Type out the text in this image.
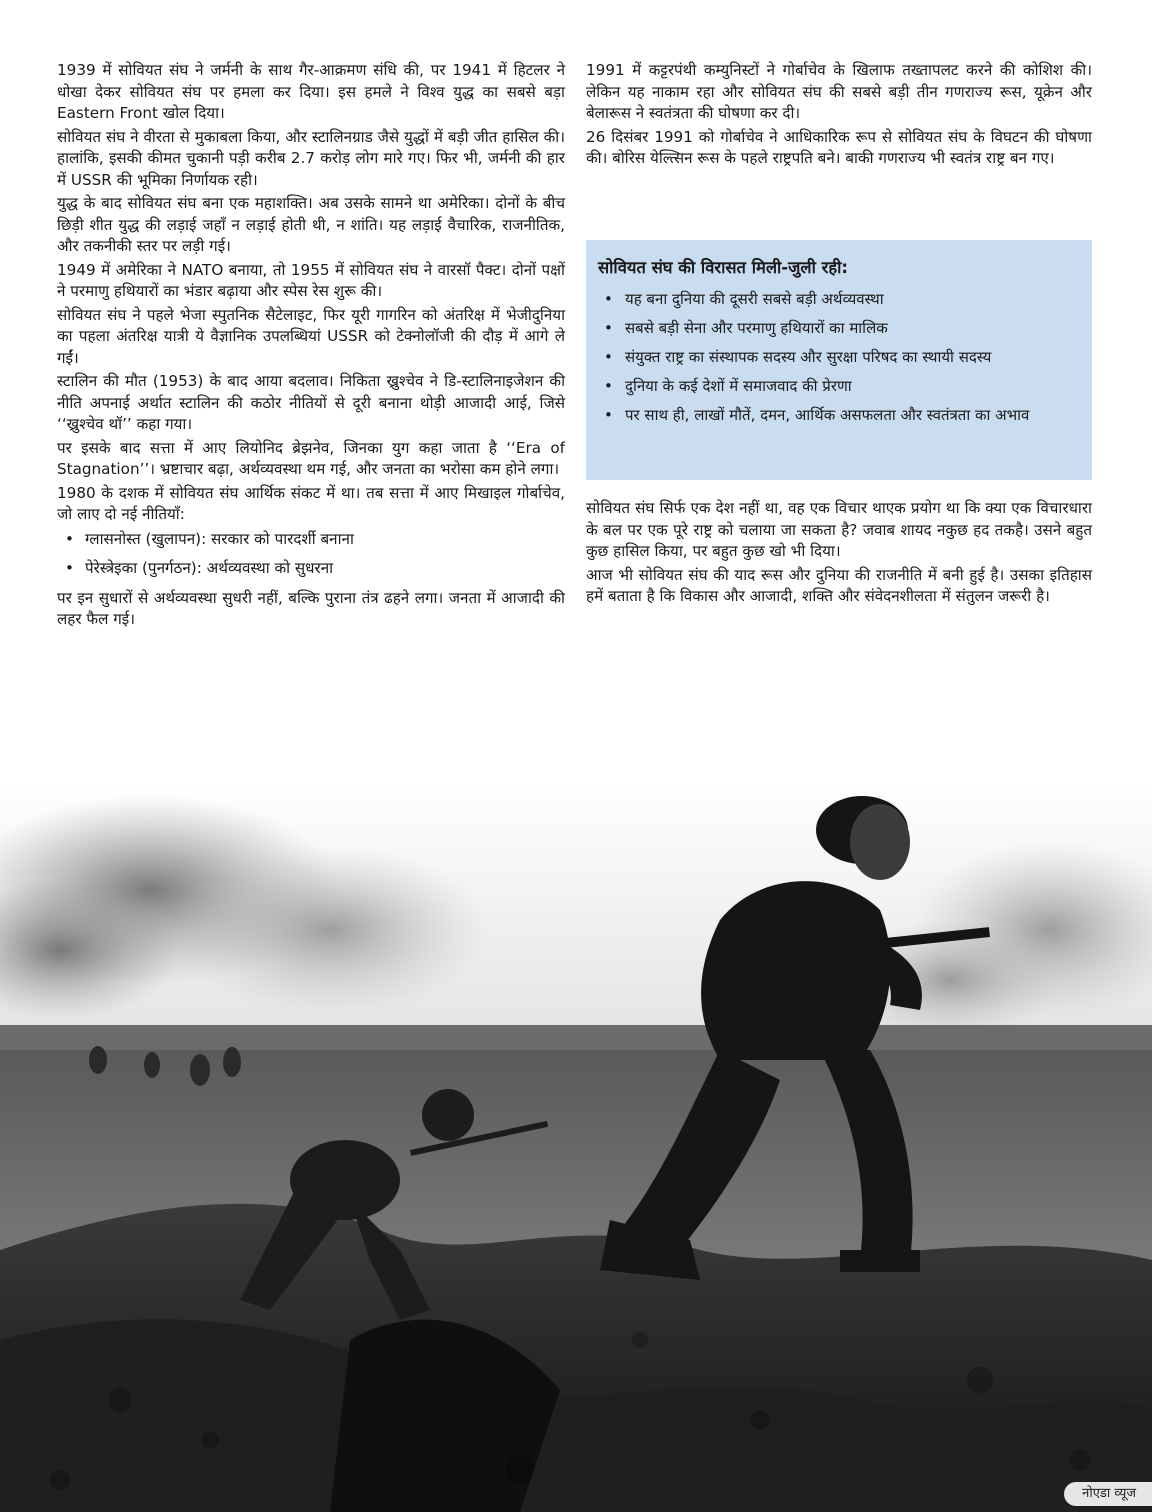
1939 में सोवियत संघ ने जर्मनी के साथ गैर-आक्रमण संधि की, पर 1941 में हिटलर ने धोखा देकर सोवियत संघ पर हमला कर दिया। इस हमले ने विश्व युद्ध का सबसे बड़ा Eastern Front खोल दिया।

सोवियत संघ ने वीरता से मुकाबला किया, और स्टालिनग्राड जैसे युद्धों में बड़ी जीत हासिल की। हालांकि, इसकी कीमत चुकानी पड़ी करीब 2.7 करोड़ लोग मारे गए। फिर भी, जर्मनी की हार में USSR की भूमिका निर्णायक रही।

युद्ध के बाद सोवियत संघ बना एक महाशक्ति। अब उसके सामने था अमेरिका। दोनों के बीच छिड़ी शीत युद्ध की लड़ाई जहाँ न लड़ाई होती थी, न शांति। यह लड़ाई वैचारिक, राजनीतिक, और तकनीकी स्तर पर लड़ी गई।

1949 में अमेरिका ने NATO बनाया, तो 1955 में सोवियत संघ ने वारसॉ पैक्ट। दोनों पक्षों ने परमाणु हथियारों का भंडार बढ़ाया और स्पेस रेस शुरू की।

सोवियत संघ ने पहले भेजा स्पुतनिक सैटेलाइट, फिर यूरी गागरिन को अंतरिक्ष में भेजीदुनिया का पहला अंतरिक्ष यात्री ये वैज्ञानिक उपलब्धियां USSR को टेक्नोलॉजी की दौड़ में आगे ले गईं।

स्टालिन की मौत (1953) के बाद आया बदलाव। निकिता ख्रुश्चेव ने डि-स्टालिनाइजेशन की नीति अपनाई अर्थात स्टालिन की कठोर नीतियों से दूरी बनाना थोड़ी आजादी आई, जिसे ‘‘ख्रुश्चेव थॉ’’ कहा गया।

पर इसके बाद सत्ता में आए लियोनिद ब्रेझनेव, जिनका युग कहा जाता है ‘‘Era of Stagnation’’। भ्रष्टाचार बढ़ा, अर्थव्यवस्था थम गई, और जनता का भरोसा कम होने लगा।

1980 के दशक में सोवियत संघ आर्थिक संकट में था। तब सत्ता में आए मिखाइल गोर्बाचेव, जो लाए दो नई नीतियाँ:

• ग्लासनोस्त (खुलापन): सरकार को पारदर्शी बनाना
• पेरेस्त्रेइका (पुनर्गठन): अर्थव्यवस्था को सुधरना

पर इन सुधारों से अर्थव्यवस्था सुधरी नहीं, बल्कि पुराना तंत्र ढहने लगा। जनता में आजादी की लहर फैल गई।

1991 में कट्टरपंथी कम्युनिस्टों ने गोर्बाचेव के खिलाफ तख्तापलट करने की कोशिश की। लेकिन यह नाकाम रहा और सोवियत संघ की सबसे बड़ी तीन गणराज्य रूस, यूक्रेन और बेलारूस ने स्वतंत्रता की घोषणा कर दी।

26 दिसंबर 1991 को गोर्बाचेव ने आधिकारिक रूप से सोवियत संघ के विघटन की घोषणा की। बोरिस येल्त्सिन रूस के पहले राष्ट्रपति बने। बाकी गणराज्य भी स्वतंत्र राष्ट्र बन गए।

सोवियत संघ सिर्फ एक देश नहीं था, वह एक विचार थाएक प्रयोग था कि क्या एक विचारधारा के बल पर एक पूरे राष्ट्र को चलाया जा सकता है? जवाब शायद नकुछ हद तकहै। उसने बहुत कुछ हासिल किया, पर बहुत कुछ खो भी दिया।

आज भी सोवियत संघ की याद रूस और दुनिया की राजनीति में बनी हुई है। उसका इतिहास हमें बताता है कि विकास और आजादी, शक्ति और संवेदनशीलता में संतुलन जरूरी है।

सोवियत संघ की विरासत मिली-जुली रही:
• यह बना दुनिया की दूसरी सबसे बड़ी अर्थव्यवस्था
• सबसे बड़ी सेना और परमाणु हथियारों का मालिक
• संयुक्त राष्ट्र का संस्थापक सदस्य और सुरक्षा परिषद का स्थायी सदस्य
• दुनिया के कई देशों में समाजवाद की प्रेरणा
• पर साथ ही, लाखों मौतें, दमन, आर्थिक असफलता और स्वतंत्रता का अभाव
नोएडा व्यूज
